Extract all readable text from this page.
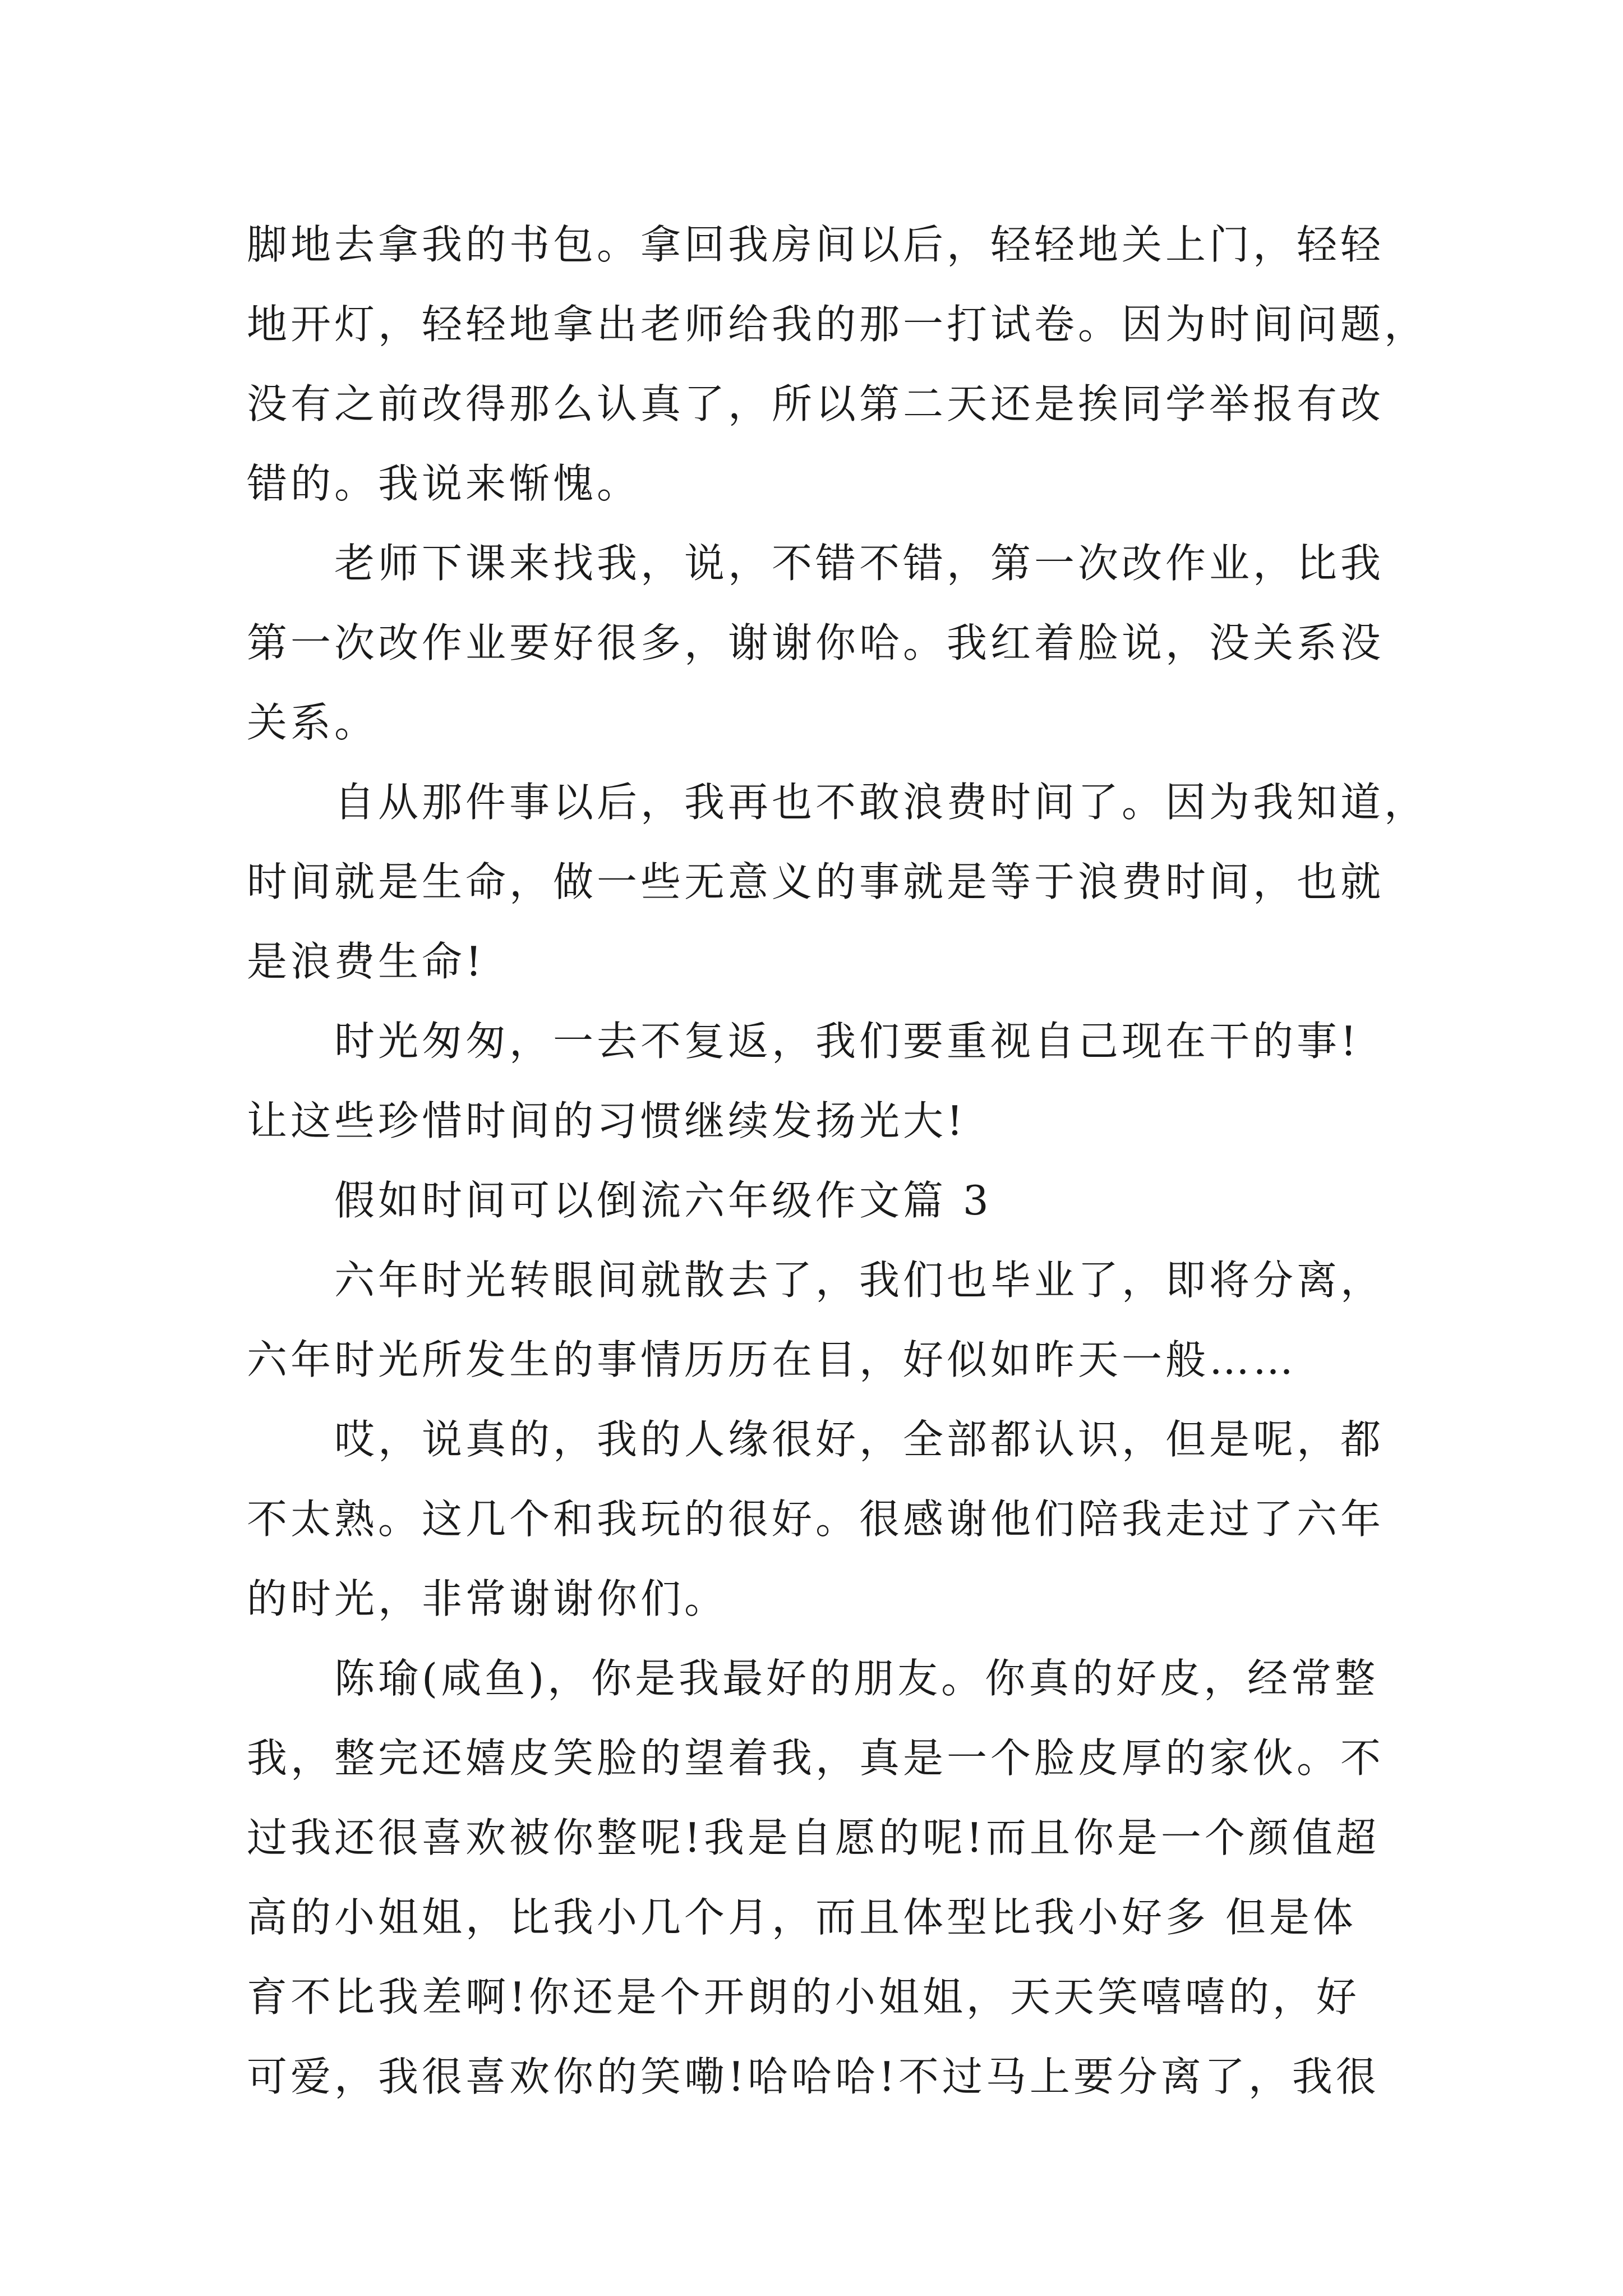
脚地去拿我的书包。拿回我房间以后，轻轻地关上门，轻轻
地开灯，轻轻地拿出老师给我的那一打试卷。因为时间问题，
没有之前改得那么认真了，所以第二天还是挨同学举报有改
错的。我说来惭愧。

老师下课来找我，说，不错不错，第一次改作业，比我
第一次改作业要好很多，谢谢你哈。我红着脸说，没关系没
关系。

自从那件事以后，我再也不敢浪费时间了。因为我知道，
时间就是生命，做一些无意义的事就是等于浪费时间，也就
是浪费生命!

时光匆匆，一去不复返，我们要重视自己现在干的事!
让这些珍惜时间的习惯继续发扬光大!

假如时间可以倒流六年级作文篇 3

六年时光转眼间就散去了，我们也毕业了，即将分离，
六年时光所发生的事情历历在目，好似如昨天一般……

哎，说真的，我的人缘很好，全部都认识，但是呢，都
不太熟。这几个和我玩的很好。很感谢他们陪我走过了六年
的时光，非常谢谢你们。

陈瑜(咸鱼)，你是我最好的朋友。你真的好皮，经常整
我，整完还嬉皮笑脸的望着我，真是一个脸皮厚的家伙。不
过我还很喜欢被你整呢!我是自愿的呢!而且你是一个颜值超
高的小姐姐，比我小几个月，而且体型比我小好多 但是体
育不比我差啊!你还是个开朗的小姐姐，天天笑嘻嘻的，好
可爱，我很喜欢你的笑嘞!哈哈哈!不过马上要分离了，我很
